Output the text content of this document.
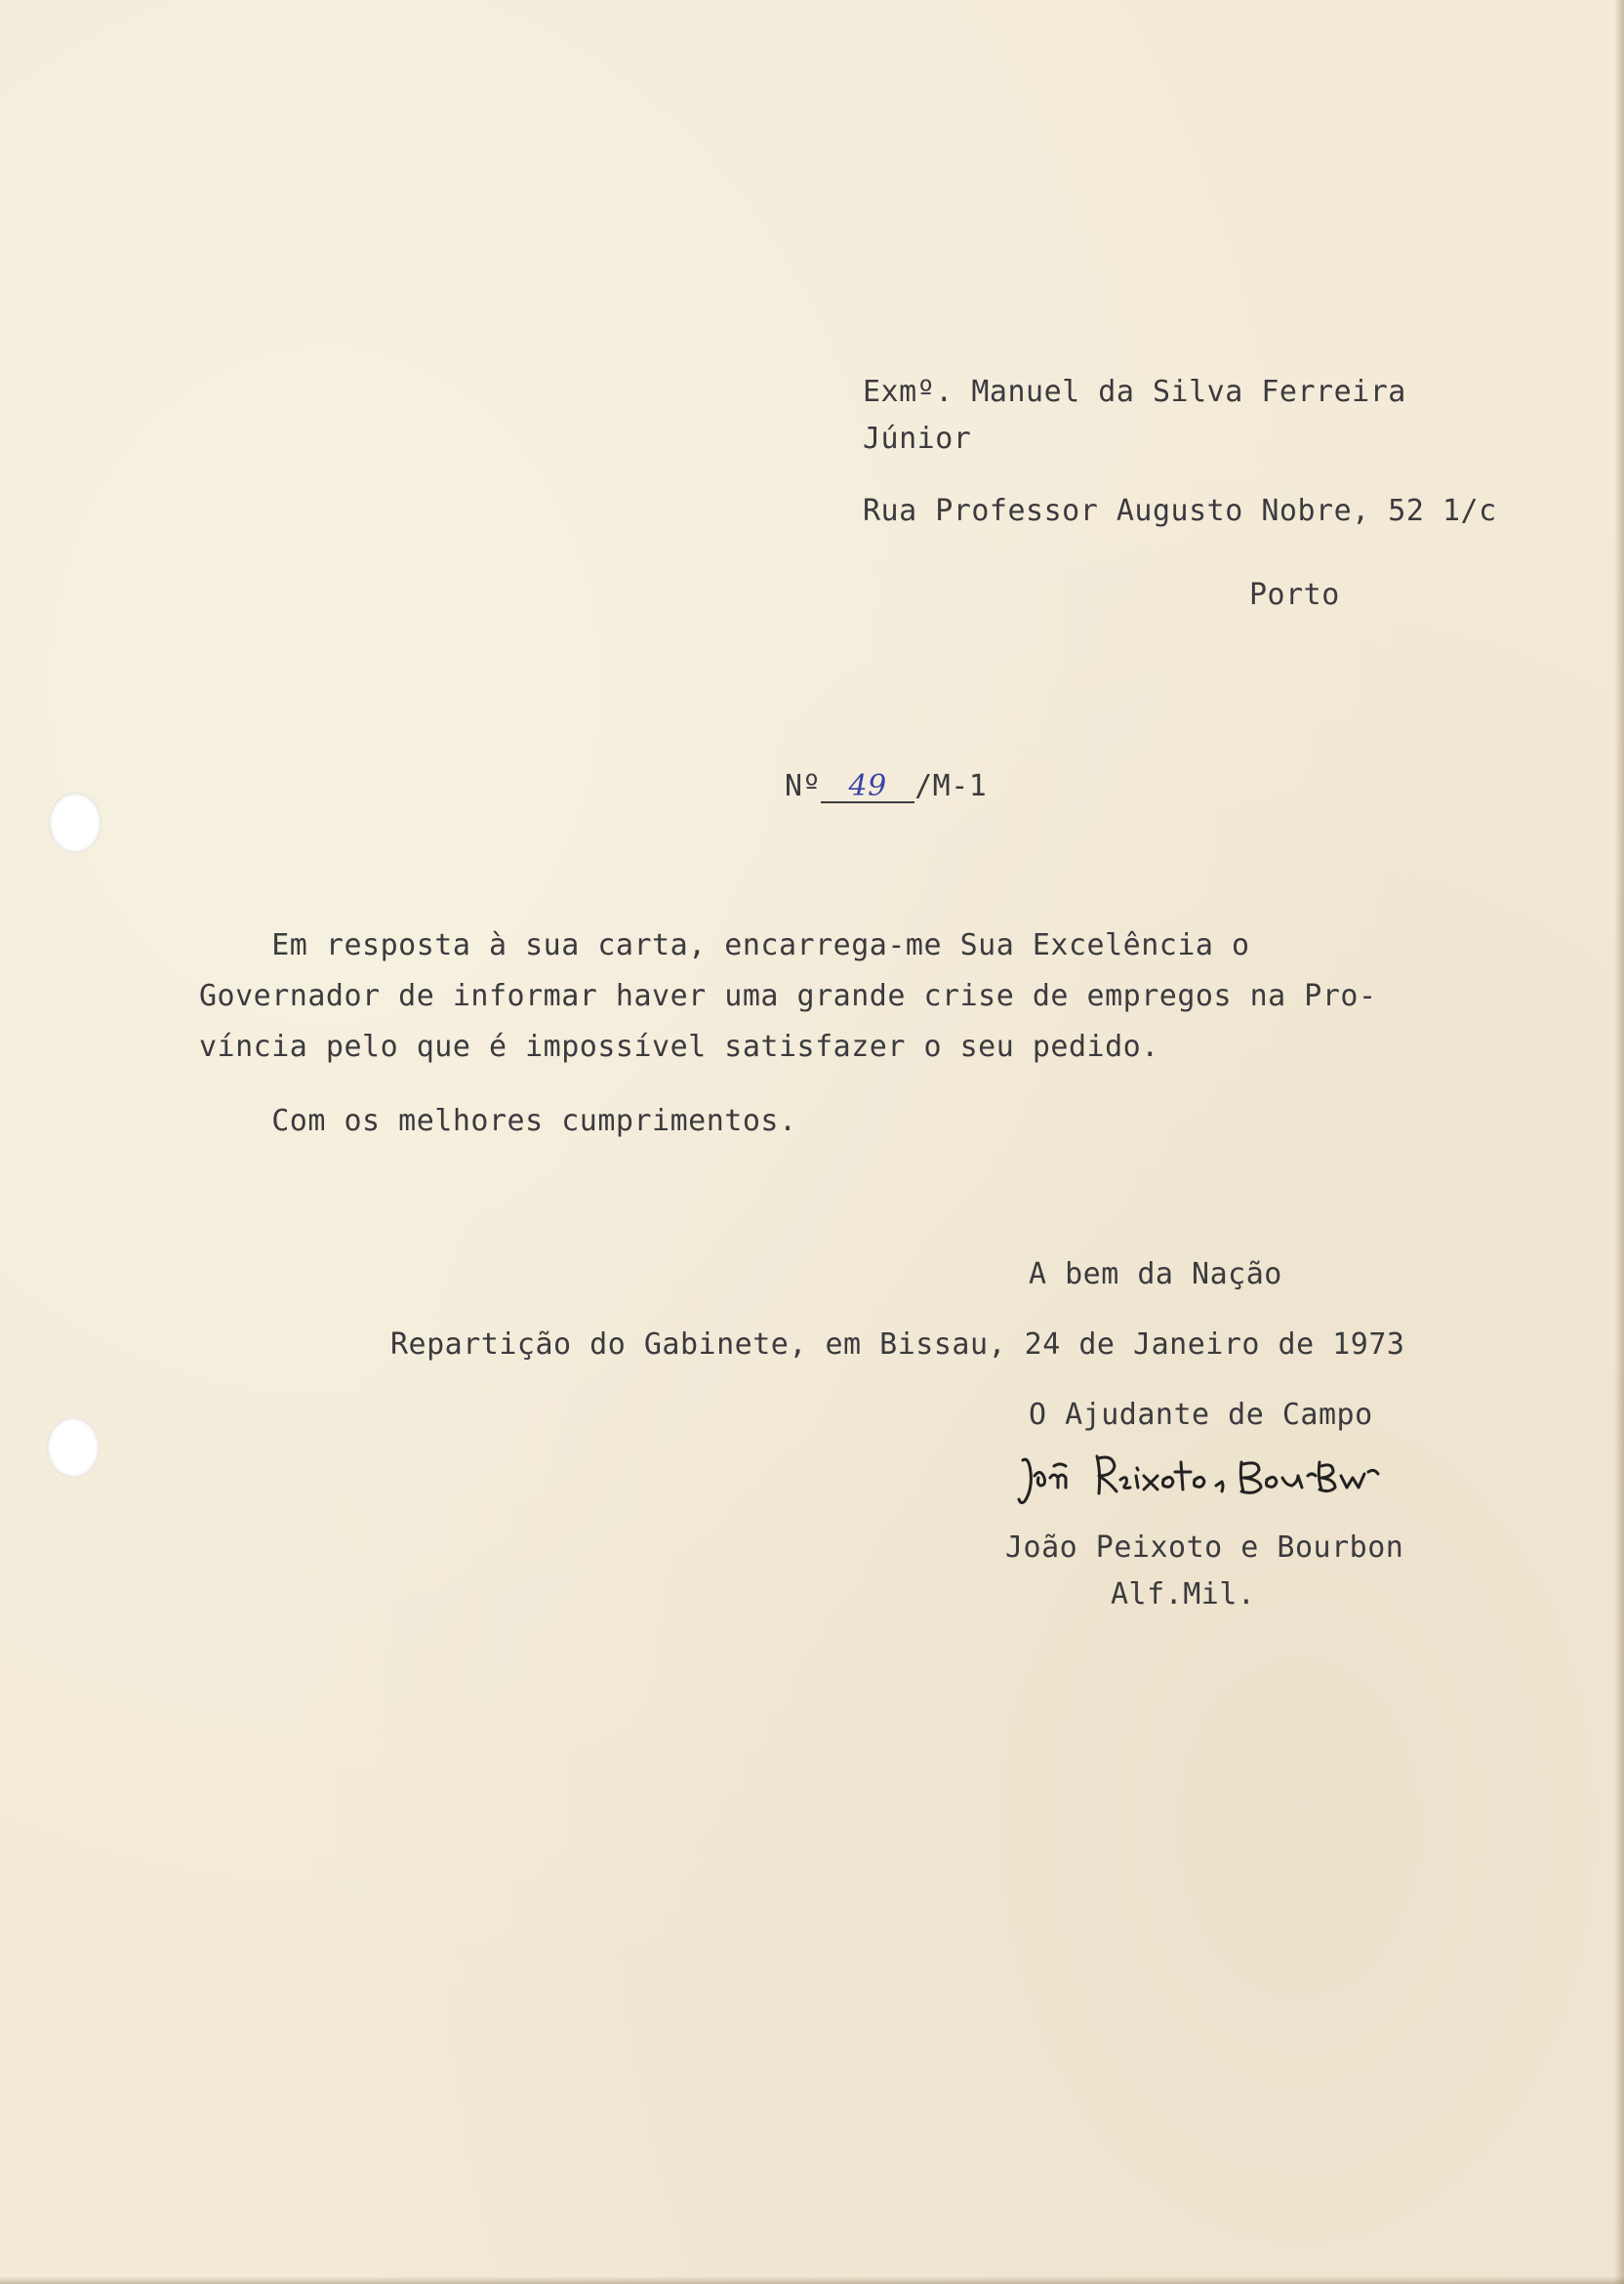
Exmº. Manuel da Silva Ferreira
Júnior
Rua Professor Augusto Nobre, 52 1/c
Porto
Nº 49 /M-1
Em resposta à sua carta, encarrega-me Sua Excelência o
Governador de informar haver uma grande crise de empregos na Pro-
víncia pelo que é impossível satisfazer o seu pedido.
Com os melhores cumprimentos.
A bem da Nação
Repartição do Gabinete, em Bissau, 24 de Janeiro de 1973
O Ajudante de Campo
João Peixoto e Bourbon
Alf.Mil.
